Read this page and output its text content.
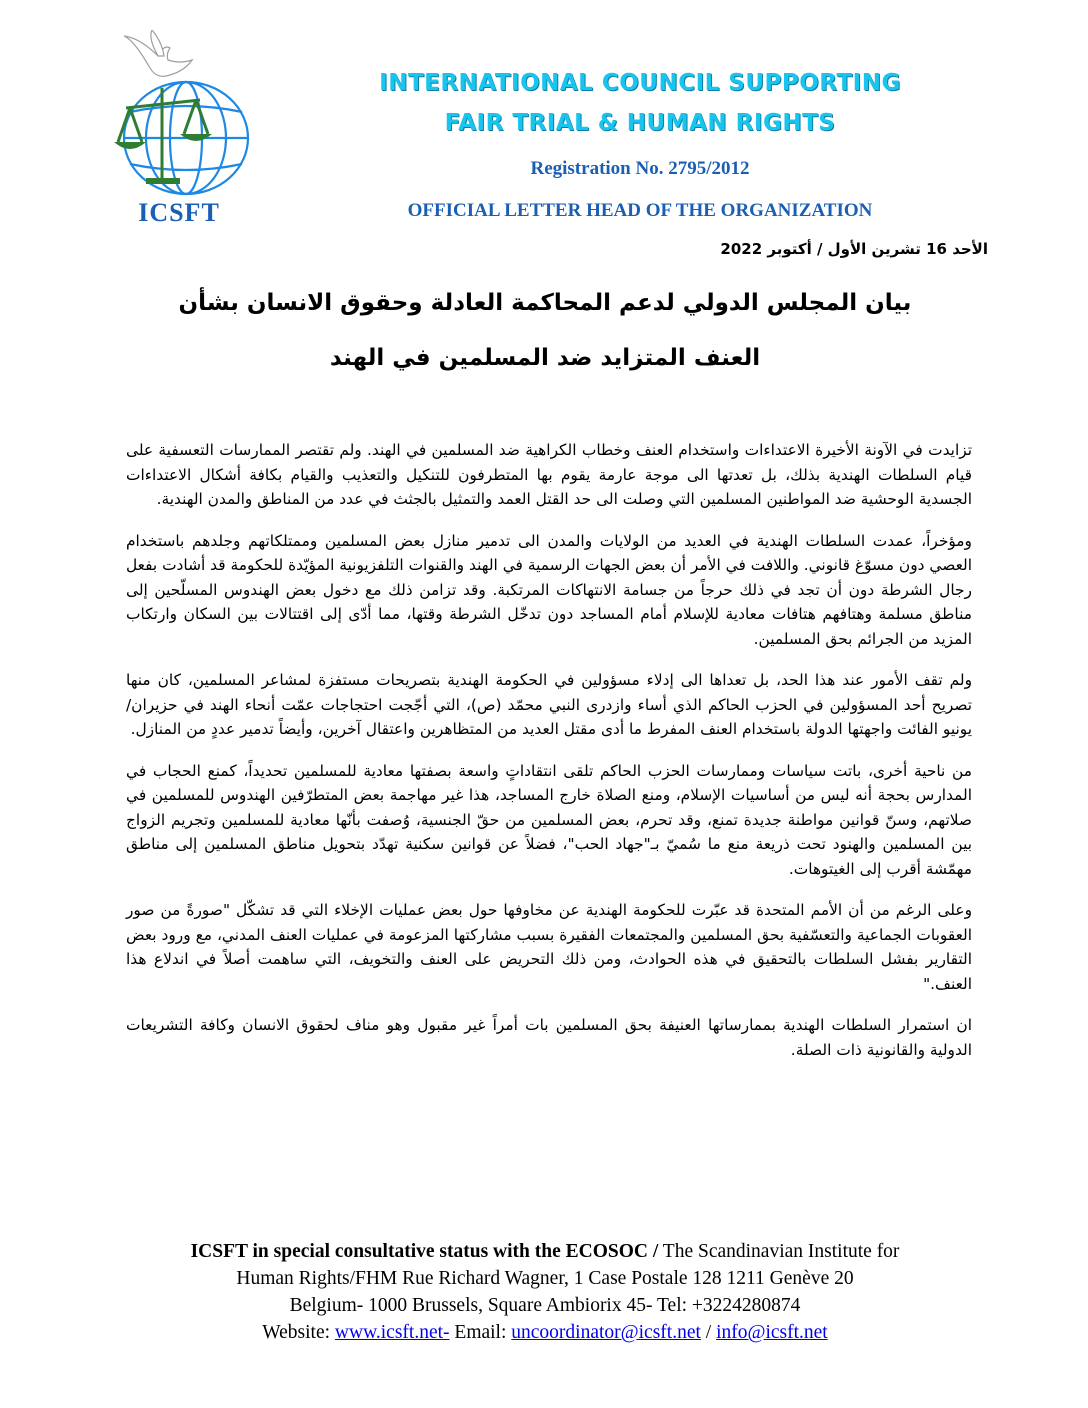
ICSFT
INTERNATIONAL COUNCIL SUPPORTING
FAIR TRIAL & HUMAN RIGHTS
Registration No. 2795/2012
OFFICIAL LETTER HEAD OF THE ORGANIZATION
الأحد 16 تشرين الأول / أكتوبر 2022
بيان المجلس الدولي لدعم المحاكمة العادلة وحقوق الانسان بشأن
العنف المتزايد ضد المسلمين في الهند

تزايدت في الآونة الأخيرة الاعتداءات واستخدام العنف وخطاب الكراهية ضد المسلمين في الهند. ولم تقتصر الممارسات التعسفية على قيام السلطات الهندية بذلك، بل تعدتها الى موجة عارمة يقوم بها المتطرفون للتنكيل والتعذيب والقيام بكافة أشكال الاعتداءات الجسدية الوحشية ضد المواطنين المسلمين التي وصلت الى حد القتل العمد والتمثيل بالجثث في عدد من المناطق والمدن الهندية.

ومؤخراً، عمدت السلطات الهندية في العديد من الولايات والمدن الى تدمير منازل بعض المسلمين وممتلكاتهم وجلدهم باستخدام العصي دون مسوّغ قانوني. واللافت في الأمر أن بعض الجهات الرسمية في الهند والقنوات التلفزيونية المؤيّدة للحكومة قد أشادت بفعل رجال الشرطة دون أن تجد في ذلك حرجاً من جسامة الانتهاكات المرتكبة. وقد تزامن ذلك مع دخول بعض الهندوس المسلّحين إلى مناطق مسلمة وهتافهم هتافات معادية للإسلام أمام المساجد دون تدخّل الشرطة وقتها، مما أدّى إلى اقتتالات بين السكان وارتكاب المزيد من الجرائم بحق المسلمين.

ولم تقف الأمور عند هذا الحد، بل تعداها الى إدلاء مسؤولين في الحكومة الهندية بتصريحات مستفزة لمشاعر المسلمين، كان منها تصريح أحد المسؤولين في الحزب الحاكم الذي أساء وازدرى النبي محمّد (ص)، التي أجّجت احتجاجات عمّت أنحاء الهند في حزيران/يونيو الفائت واجهتها الدولة باستخدام العنف المفرط ما أدى مقتل العديد من المتظاهرين واعتقال آخرين، وأيضاً تدمير عددٍ من المنازل.

من ناحية أخرى، باتت سياسات وممارسات الحزب الحاكم تلقى انتقاداتٍ واسعة بصفتها معادية للمسلمين تحديداً، كمنع الحجاب في المدارس بحجة أنه ليس من أساسيات الإسلام، ومنع الصلاة خارج المساجد، هذا غير مهاجمة بعض المتطرّفين الهندوس للمسلمين في صلاتهم، وسنّ قوانين مواطنة جديدة تمنع، وقد تحرم، بعض المسلمين من حقّ الجنسية، وُصفت بأنّها معادية للمسلمين وتجريم الزواج بين المسلمين والهنود تحت ذريعة منع ما سُميّ بـ"جهاد الحب"، فضلاً عن قوانين سكنية تهدّد بتحويل مناطق المسلمين إلى مناطق مهمّشة أقرب إلى الغيتوهات.

وعلى الرغم من أن الأمم المتحدة قد عبّرت للحكومة الهندية عن مخاوفها حول بعض عمليات الإخلاء التي قد تشكّل "صورةً من صور العقوبات الجماعية والتعسّفية بحق المسلمين والمجتمعات الفقيرة بسبب مشاركتها المزعومة في عمليات العنف المدني، مع ورود بعض التقارير بفشل السلطات بالتحقيق في هذه الحوادث، ومن ذلك التحريض على العنف والتخويف، التي ساهمت أصلاً في اندلاع هذا العنف."

ان استمرار السلطات الهندية بممارساتها العنيفة بحق المسلمين بات أمراً غير مقبول وهو مناف لحقوق الانسان وكافة التشريعات الدولية والقانونية ذات الصلة.

ICSFT in special consultative status with the ECOSOC / The Scandinavian Institute for
Human Rights/FHM Rue Richard Wagner, 1 Case Postale 128 1211 Genève 20
Belgium- 1000 Brussels, Square Ambiorix 45- Tel: +3224280874
Website: www.icsft.net- Email: uncoordinator@icsft.net / info@icsft.net
